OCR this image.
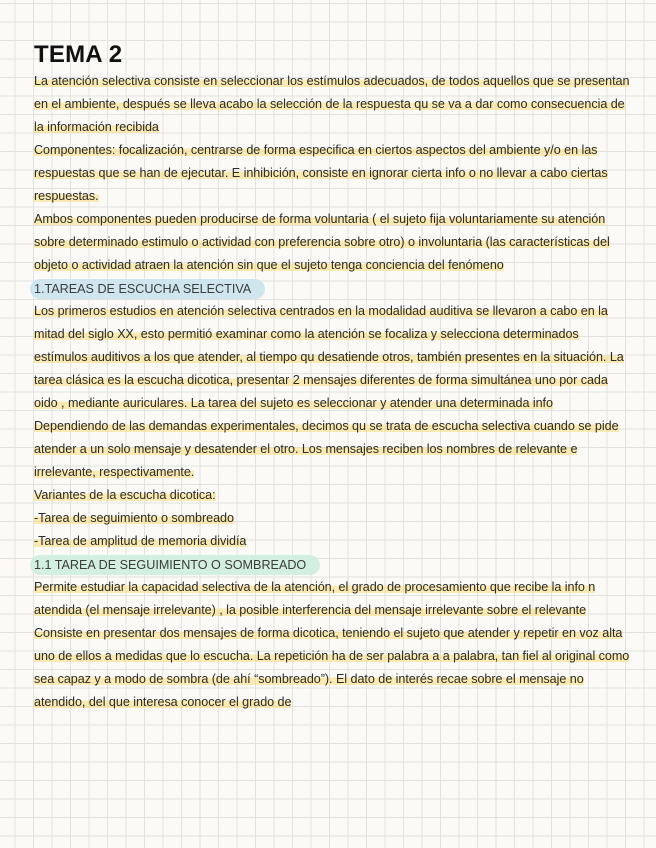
TEMA 2

La atención selectiva consiste en seleccionar los estímulos adecuados, de todos aquellos que se presentan en el ambiente, después se lleva acabo la selección de la respuesta qu se va a dar como consecuencia de la información recibida

Componentes: focalización, centrarse de forma especifica en ciertos aspectos del ambiente y/o en las respuestas que se han de ejecutar. E inhibición, consiste en ignorar cierta info o no llevar a cabo ciertas respuestas.

Ambos componentes pueden producirse de forma voluntaria ( el sujeto fija voluntariamente su atención sobre determinado estimulo o actividad con preferencia sobre otro) o involuntaria (las características del objeto o actividad atraen la atención sin que el sujeto tenga conciencia del fenómeno

1.TAREAS DE ESCUCHA SELECTIVA

Los primeros estudios en atención selectiva centrados en la modalidad auditiva se llevaron a cabo en la mitad del siglo XX, esto permitió examinar como la atención se focaliza y selecciona determinados estímulos auditivos a los que atender, al tiempo qu desatiende otros, también presentes en la situación. La tarea clásica es la escucha dicotica, presentar 2 mensajes diferentes de forma simultánea uno por cada oido , mediante auriculares. La tarea del sujeto es seleccionar y atender una determinada info

Dependiendo de las demandas experimentales, decimos qu se trata de escucha selectiva cuando se pide atender a un solo mensaje y desatender el otro. Los mensajes reciben los nombres de relevante e irrelevante, respectivamente.

Variantes de la escucha dicotica:

-Tarea de seguimiento o sombreado

-Tarea de amplitud de memoria dividía

1.1 TAREA DE SEGUIMIENTO O SOMBREADO

Permite estudiar la capacidad selectiva de la atención, el grado de procesamiento que recibe la info n atendida (el mensaje irrelevante) , la posible interferencia del mensaje irrelevante sobre el relevante

Consiste en presentar dos mensajes de forma dicotica, teniendo el sujeto que atender y repetir en voz alta uno de ellos a medidas que lo escucha. La repetición ha de ser palabra a a palabra, tan fiel al original como sea capaz y a modo de sombra (de ahí “sombreado”). El dato de interés recae sobre el mensaje no atendido, del que interesa conocer el grado de
